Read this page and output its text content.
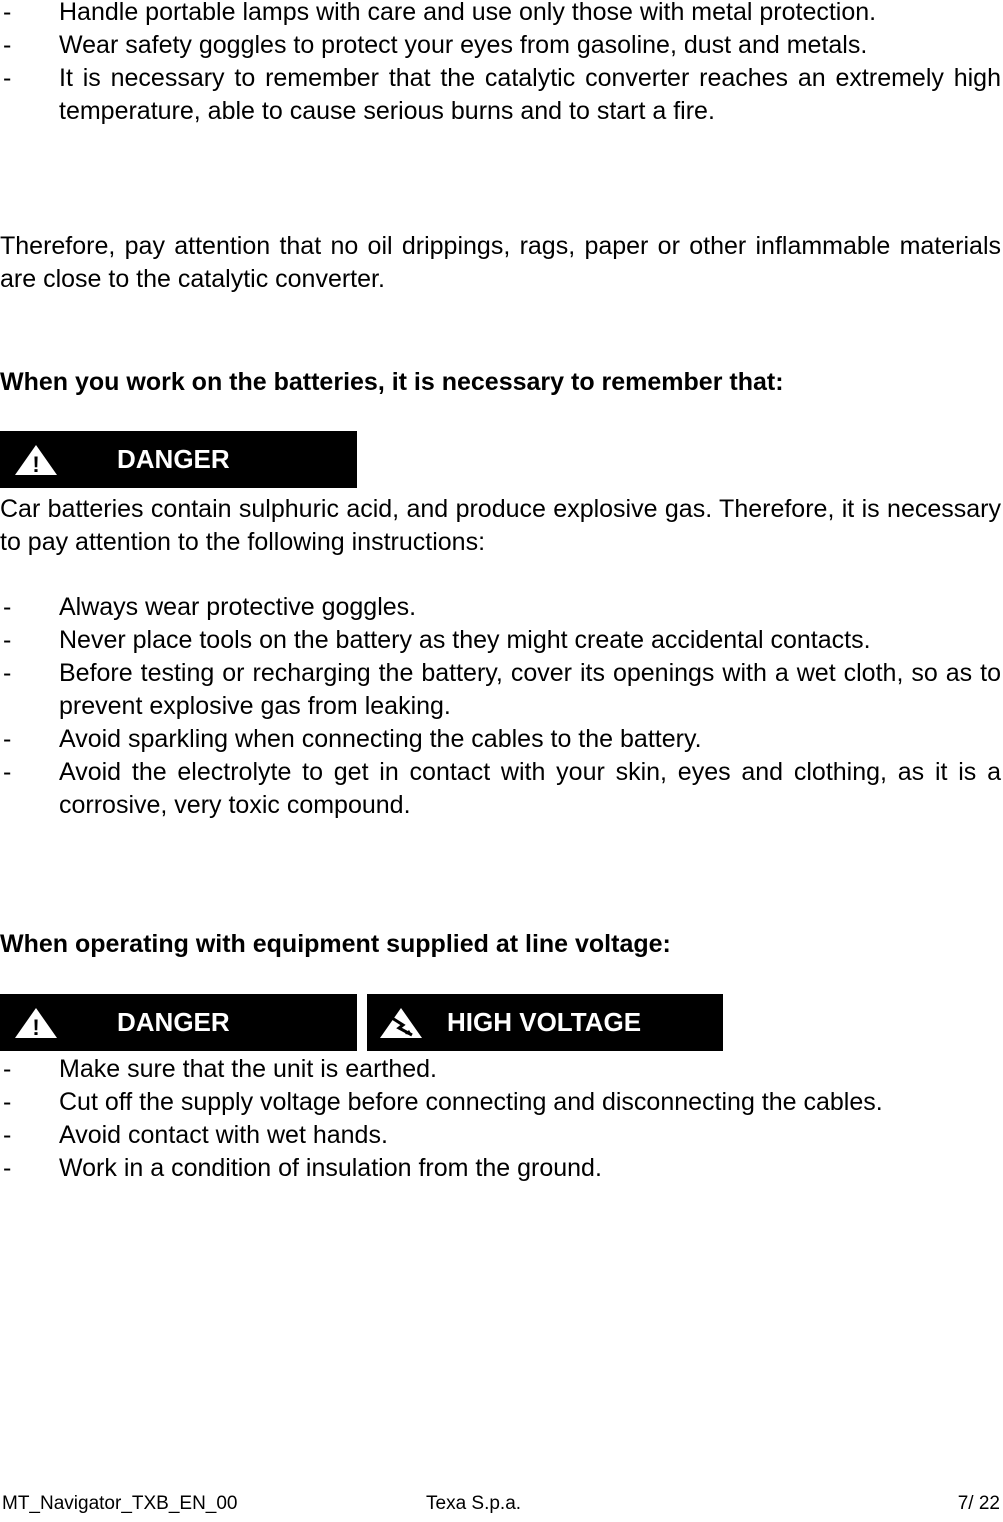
- Handle portable lamps with care and use only those with metal protection.
- Wear safety goggles to protect your eyes from gasoline, dust and metals.
- It is necessary to remember that the catalytic converter reaches an extremely high temperature, able to cause serious burns and to start a fire.

Therefore, pay attention that no oil drippings, rags, paper or other inflammable materials are close to the catalytic converter.

When you work on the batteries, it is necessary to remember that:

!	DANGER

Car batteries contain sulphuric acid, and produce explosive gas. Therefore, it is necessary to pay attention to the following instructions:

- Always wear protective goggles.
- Never place tools on the battery as they might create accidental contacts.
- Before testing or recharging the battery, cover its openings with a wet cloth, so as to prevent explosive gas from leaking.
- Avoid sparkling when connecting the cables to the battery.
- Avoid the electrolyte to get in contact with your skin, eyes and clothing, as it is a corrosive, very toxic compound.

When operating with equipment supplied at line voltage:

!	DANGER	HIGH VOLTAGE
- Make sure that the unit is earthed.
- Cut off the supply voltage before connecting and disconnecting the cables.
- Avoid contact with wet hands.
- Work in a condition of insulation from the ground.
MT_Navigator_TXB_EN_00	Texa S.p.a.	7/ 22
